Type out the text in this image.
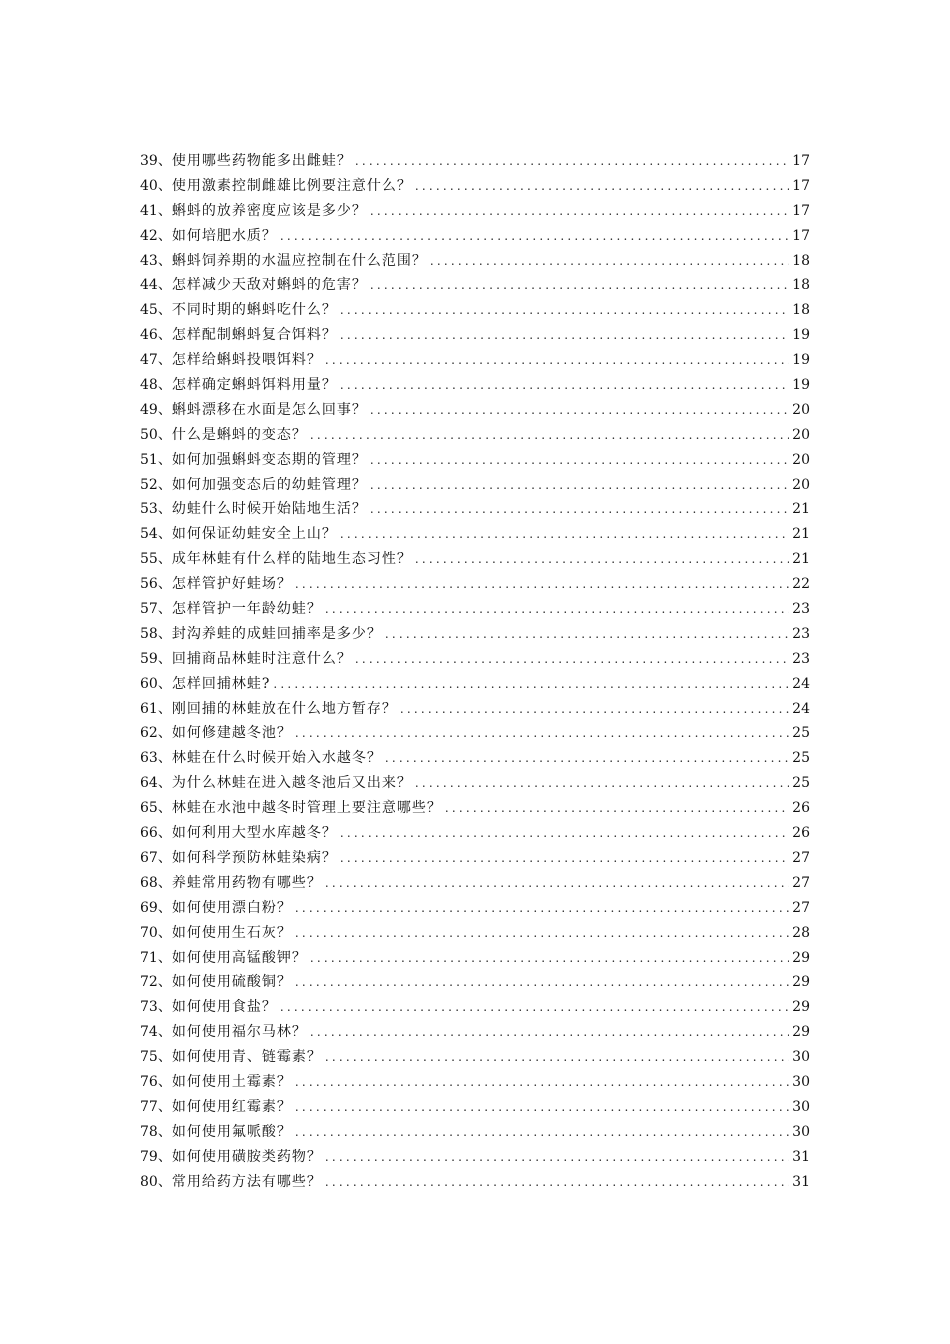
39、 使用哪些药物能多出雌蛙？ .....	17
40、 使用激素控制雌雄比例要注意什么？ .....	17
41、 蝌蚪的放养密度应该是多少？ .....	17
42、 如何培肥水质？ .....	17
43、 蝌蚪饲养期的水温应控制在什么范围？ .....	18
44、 怎样减少天敌对蝌蚪的危害？ .....	18
45、 不同时期的蝌蚪吃什么？ .....	18
46、 怎样配制蝌蚪复合饵料？ .....	19
47、 怎样给蝌蚪投喂饵料？ .....	19
48、 怎样确定蝌蚪饵料用量？ .....	19
49、 蝌蚪漂移在水面是怎么回事？ .....	20
50、 什么是蝌蚪的变态？ .....	20
51、 如何加强蝌蚪变态期的管理？ .....	20
52、 如何加强变态后的幼蛙管理？ .....	20
53、 幼蛙什么时候开始陆地生活？ .....	21
54、 如何保证幼蛙安全上山？ .....	21
55、 成年林蛙有什么样的陆地生态习性？ .....	21
56、 怎样管护好蛙场？ .....	22
57、 怎样管护一年龄幼蛙？ .....	23
58、 封沟养蛙的成蛙回捕率是多少？ .....	23
59、 回捕商品林蛙时注意什么？ .....	23
60、 怎样回捕林蛙? .....	24
61、 刚回捕的林蛙放在什么地方暂存？ .....	24
62、 如何修建越冬池？ .....	25
63、 林蛙在什么时候开始入水越冬？ .....	25
64、 为什么林蛙在进入越冬池后又出来？ .....	25
65、 林蛙在水池中越冬时管理上要注意哪些？ .....	26
66、 如何利用大型水库越冬？ .....	26
67、 如何科学预防林蛙染病？ .....	27
68、 养蛙常用药物有哪些？ .....	27
69、 如何使用漂白粉？ .....	27
70、 如何使用生石灰？ .....	28
71、 如何使用高锰酸钾？ .....	29
72、 如何使用硫酸铜？ .....	29
73、 如何使用食盐？ .....	29
74、 如何使用福尔马林？ .....	29
75、 如何使用青、链霉素？ .....	30
76、 如何使用土霉素？ .....	30
77、 如何使用红霉素？ .....	30
78、 如何使用氟哌酸？ .....	30
79、 如何使用磺胺类药物？ .....	31
80、 常用给药方法有哪些？ .....	31
